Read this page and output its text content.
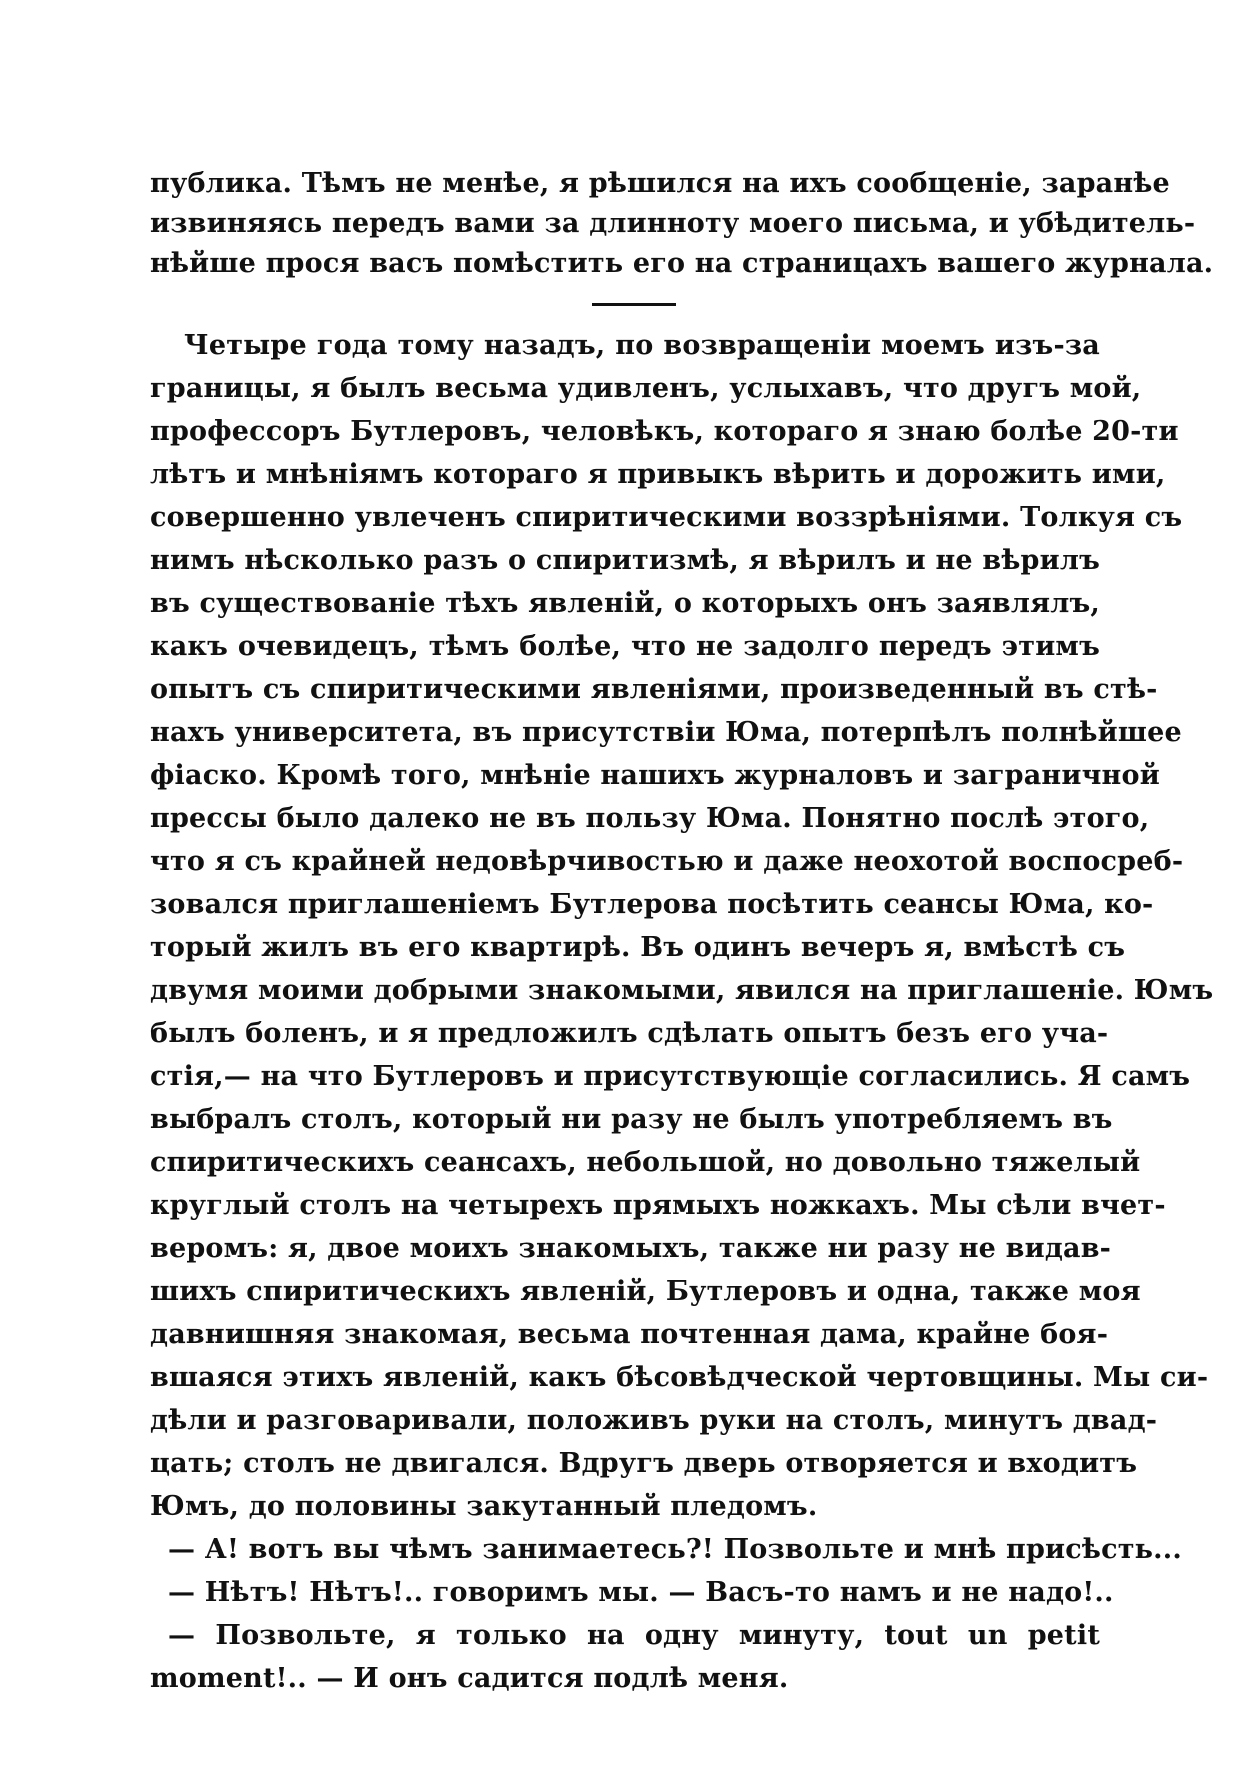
публика. Тѣмъ не менѣе, я рѣшился на ихъ сообщеніе, заранѣе
извиняясь передъ вами за длинноту моего письма, и убѣдитель-
нѣйше прося васъ помѣстить его на страницахъ вашего журнала.
Четыре года тому назадъ, по возвращеніи моемъ изъ-за
границы, я былъ весьма удивленъ, услыхавъ, что другъ мой,
профессоръ Бутлеровъ, человѣкъ, котораго я знаю болѣе 20-ти
лѣтъ и мнѣніямъ котораго я привыкъ вѣрить и дорожить ими,
совершенно увлеченъ спиритическими воззрѣніями. Толкуя съ
нимъ нѣсколько разъ о спиритизмѣ, я вѣрилъ и не вѣрилъ
въ существованіе тѣхъ явленій, о которыхъ онъ заявлялъ,
какъ очевидецъ, тѣмъ болѣе, что не задолго передъ этимъ
опытъ съ спиритическими явленіями, произведенный въ стѣ-
нахъ университета, въ присутствіи Юма, потерпѣлъ полнѣйшее
фіаско. Кромѣ того, мнѣніе нашихъ журналовъ и заграничной
прессы было далеко не въ пользу Юма. Понятно послѣ этого,
что я съ крайней недовѣрчивостью и даже неохотой воспосреб-
зовался приглашеніемъ Бутлерова посѣтить сеансы Юма, ко-
торый жилъ въ его квартирѣ. Въ одинъ вечеръ я, вмѣстѣ съ
двумя моими добрыми знакомыми, явился на приглашеніе. Юмъ
былъ боленъ, и я предложилъ сдѣлать опытъ безъ его уча-
стія,— на что Бутлеровъ и присутствующіе согласились. Я самъ
выбралъ столъ, который ни разу не былъ употребляемъ въ
спиритическихъ сеансахъ, небольшой, но довольно тяжелый
круглый столъ на четырехъ прямыхъ ножкахъ. Мы сѣли вчет-
веромъ: я, двое моихъ знакомыхъ, также ни разу не видав-
шихъ спиритическихъ явленій, Бутлеровъ и одна, также моя
давнишняя знакомая, весьма почтенная дама, крайне боя-
вшаяся этихъ явленій, какъ бѣсовѣдческой чертовщины. Мы си-
дѣли и разговаривали, положивъ руки на столъ, минутъ двад-
цать; столъ не двигался. Вдругъ дверь отворяется и входитъ
Юмъ, до половины закутанный пледомъ.
— А! вотъ вы чѣмъ занимаетесь?! Позвольте и мнѣ присѣсть...
— Нѣтъ! Нѣтъ!.. говоримъ мы. — Васъ-то намъ и не надо!..
— Позвольте, я только на одну минуту, tout un petit
moment!.. — И онъ садится подлѣ меня.
